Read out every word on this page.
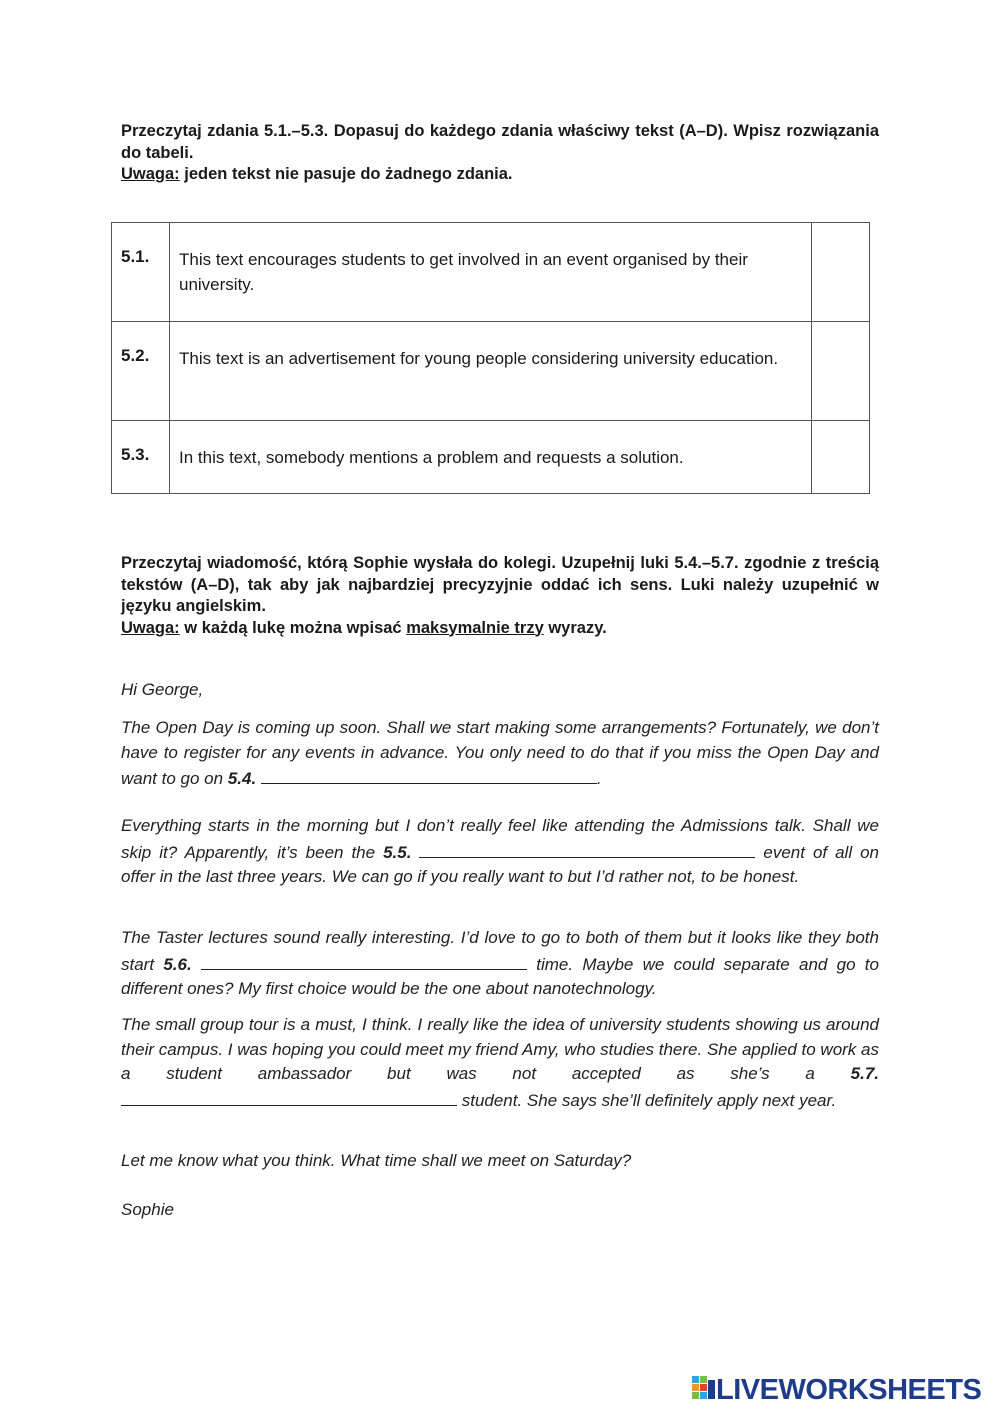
Przeczytaj zdania 5.1.–5.3. Dopasuj do każdego zdania właściwy tekst (A–D). Wpisz rozwiązania do tabeli.
Uwaga: jeden tekst nie pasuje do żadnego zdania.
5.1.	This text encourages students to get involved in an event organised by their university.	
5.2.	This text is an advertisement for young people considering university education.	
5.3.	In this text, somebody mentions a problem and requests a solution.	
Przeczytaj wiadomość, którą Sophie wysłała do kolegi. Uzupełnij luki 5.4.–5.7. zgodnie z treścią tekstów (A–D), tak aby jak najbardziej precyzyjnie oddać ich sens. Luki należy uzupełnić w języku angielskim.
Uwaga: w każdą lukę można wpisać maksymalnie trzy wyrazy.

Hi George,

The Open Day is coming up soon. Shall we start making some arrangements? Fortunately, we don’t have to register for any events in advance. You only need to do that if you miss the Open Day and want to go on 5.4.	.

Everything starts in the morning but I don’t really feel like attending the Admissions talk. Shall we skip it? Apparently, it’s been the 5.5.	event of all on offer in the last three years. We can go if you really want to but I’d rather not, to be honest.

The Taster lectures sound really interesting. I’d love to go to both of them but it looks like they both start 5.6.	time. Maybe we could separate and go to different ones? My first choice would be the one about nanotechnology.

The small group tour is a must, I think. I really like the idea of university students showing us around their campus. I was hoping you could meet my friend Amy, who studies there. She applied to work as a student ambassador but was not accepted as she’s a 5.7.  student. She says she’ll definitely apply next year.

Let me know what you think. What time shall we meet on Saturday?

Sophie

LIVEWORKSHEETS
